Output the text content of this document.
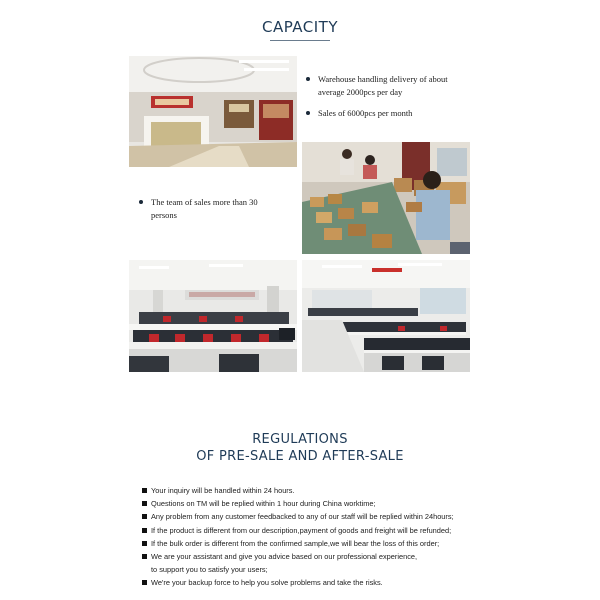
CAPACITY
Warehouse handling delivery of about average 2000pcs per day
Sales of 6000pcs per month
The team of sales more than 30 persons
REGULATIONS
OF PRE-SALE AND AFTER-SALE
Your inquiry will be handled within 24 hours.
Questions on TM will be replied within 1 hour during China worktime;
Any problem from any customer feedbacked to any of our staff will be replied within 24hours;
If the product is different from our description,payment of goods and freight will be refunded;
If the bulk order is different from the confirmed sample,we will bear the loss of this order;
We are your assistant and give you advice based on our professional experience,
to support you to satisfy your users;
We're your backup force to help you solve problems and take the risks.
